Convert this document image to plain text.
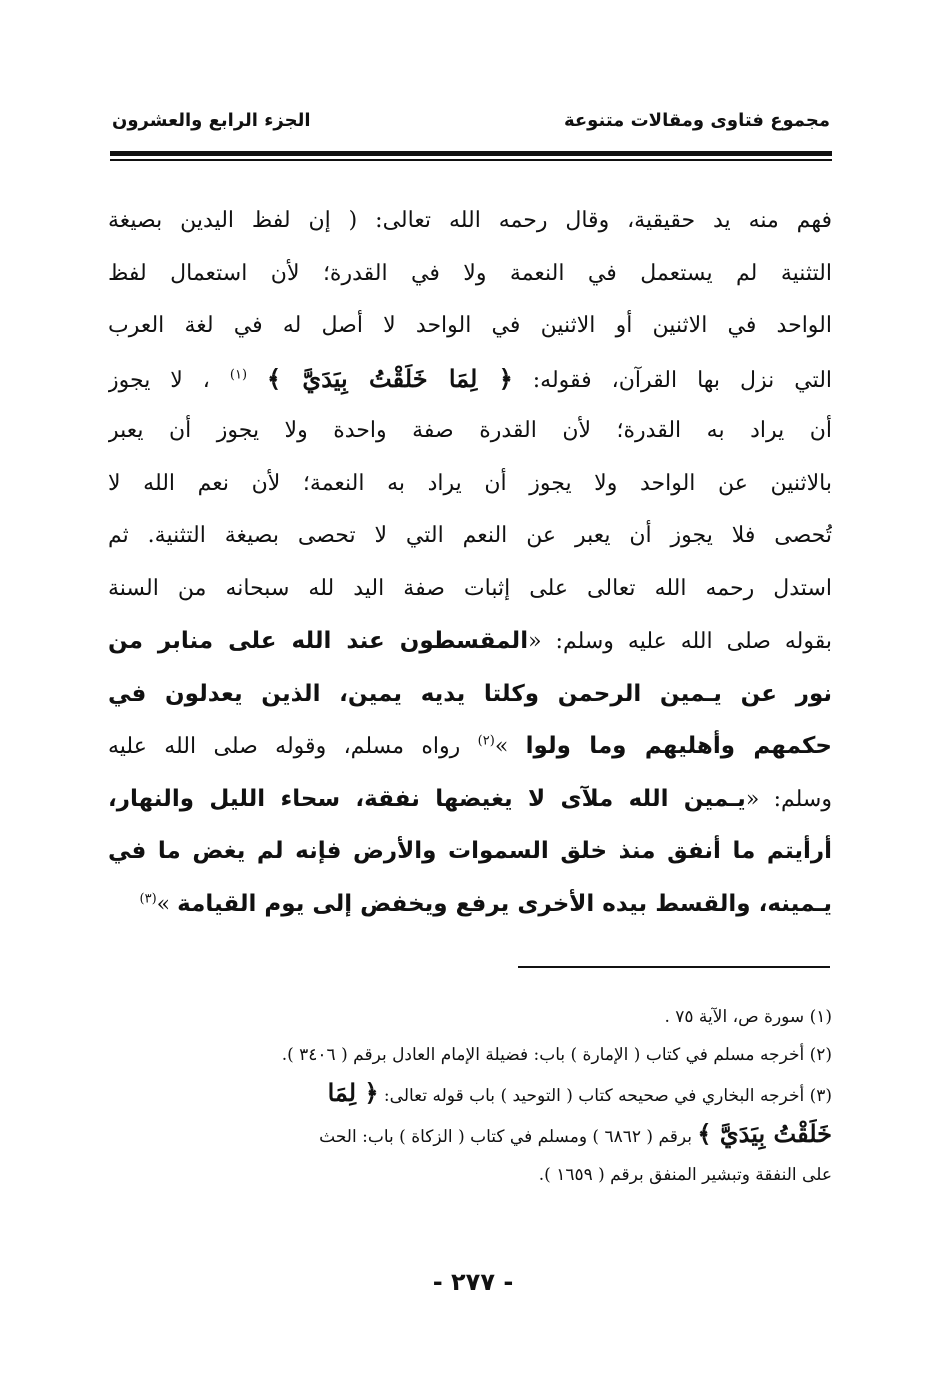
مجموع فتاوى ومقالات متنوعة
الجزء الرابع والعشرون
فهم منه يد حقيقية، وقال رحمه الله تعالى: ( إن لفظ اليدين بصيغة
التثنية لم يستعمل في النعمة ولا في القدرة؛ لأن استعمال لفظ
الواحد في الاثنين أو الاثنين في الواحد لا أصل له في لغة العرب
التي نزل بها القرآن، فقوله: ﴿ لِمَا خَلَقْتُ بِيَدَيَّ ﴾ $^{(١)}$ ، لا يجوز
أن يراد به القدرة؛ لأن القدرة صفة واحدة ولا يجوز أن يعبر
بالاثنين عن الواحد ولا يجوز أن يراد به النعمة؛ لأن نعم الله لا
تُحصى فلا يجوز أن يعبر عن النعم التي لا تحصى بصيغة التثنية. ثم
استدل رحمه الله تعالى على إثبات صفة اليد لله سبحانه من السنة
بقوله صلى الله عليه وسلم: «المقسطون عند الله على منابر من
نور عن يـمين الرحمن وكلتا يديه يمين، الذين يعدلون في
حكمهم وأهليهم وما ولوا »$^{(٢)}$ رواه مسلم، وقوله صلى الله عليه
وسلم: «يـمين الله ملآى لا يغيضها نفقة، سحاء الليل والنهار،
أرأيتم ما أنفق منذ خلق السموات والأرض فإنه لم يغض ما في
يـمينه، والقسط بيده الأخرى يرفع ويخفض إلى يوم القيامة »$^{(٣)}$
(١) سورة ص، الآية ٧٥ .
(٢) أخرجه مسلم في كتاب ( الإمارة ) باب: فضيلة الإمام العادل برقم ( ٣٤٠٦ ).
(٣) أخرجه البخاري في صحيحه كتاب ( التوحيد ) باب قوله تعالى: ﴿ لِمَا
خَلَقْتُ بِيَدَيَّ ﴾ برقم ( ٦٨٦٢ ) ومسلم في كتاب ( الزكاة ) باب: الحث
على النفقة وتبشير المنفق برقم ( ١٦٥٩ ).
- ٢٧٧ -
